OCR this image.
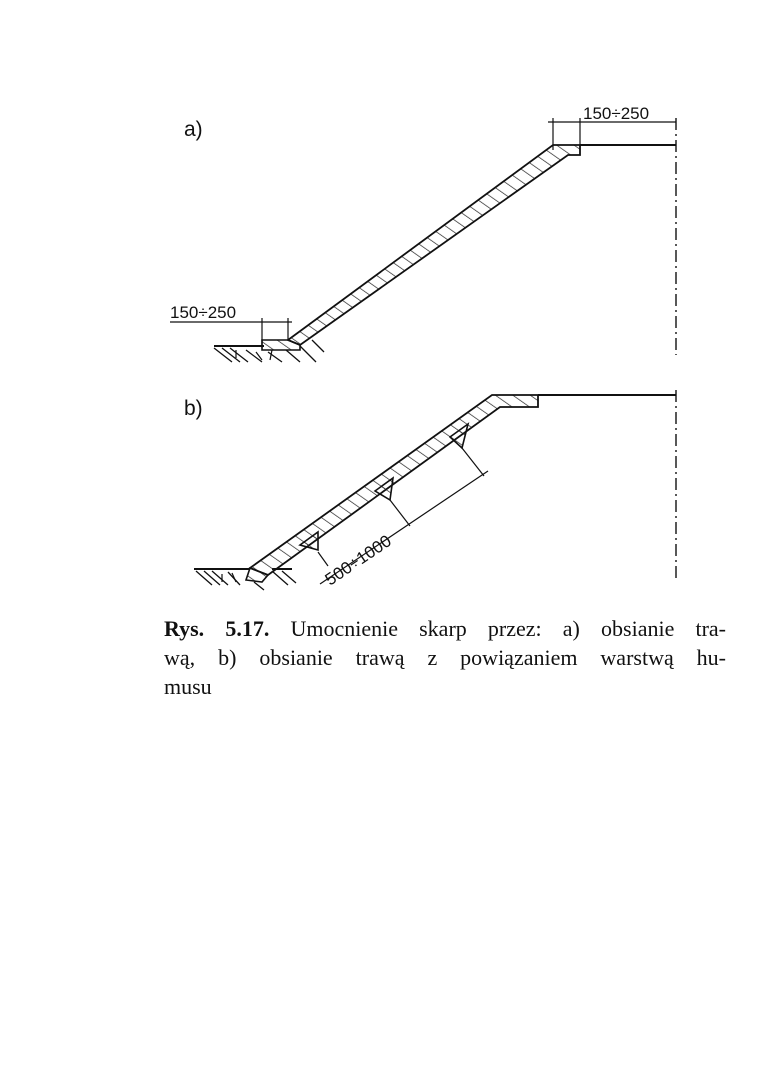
a)
150÷250
150÷250
b)
500÷1000
Rys. 5.17. Umocnienie skarp przez: a) obsianie tra-
wą, b) obsianie trawą z powiązaniem warstwą hu-
musu
